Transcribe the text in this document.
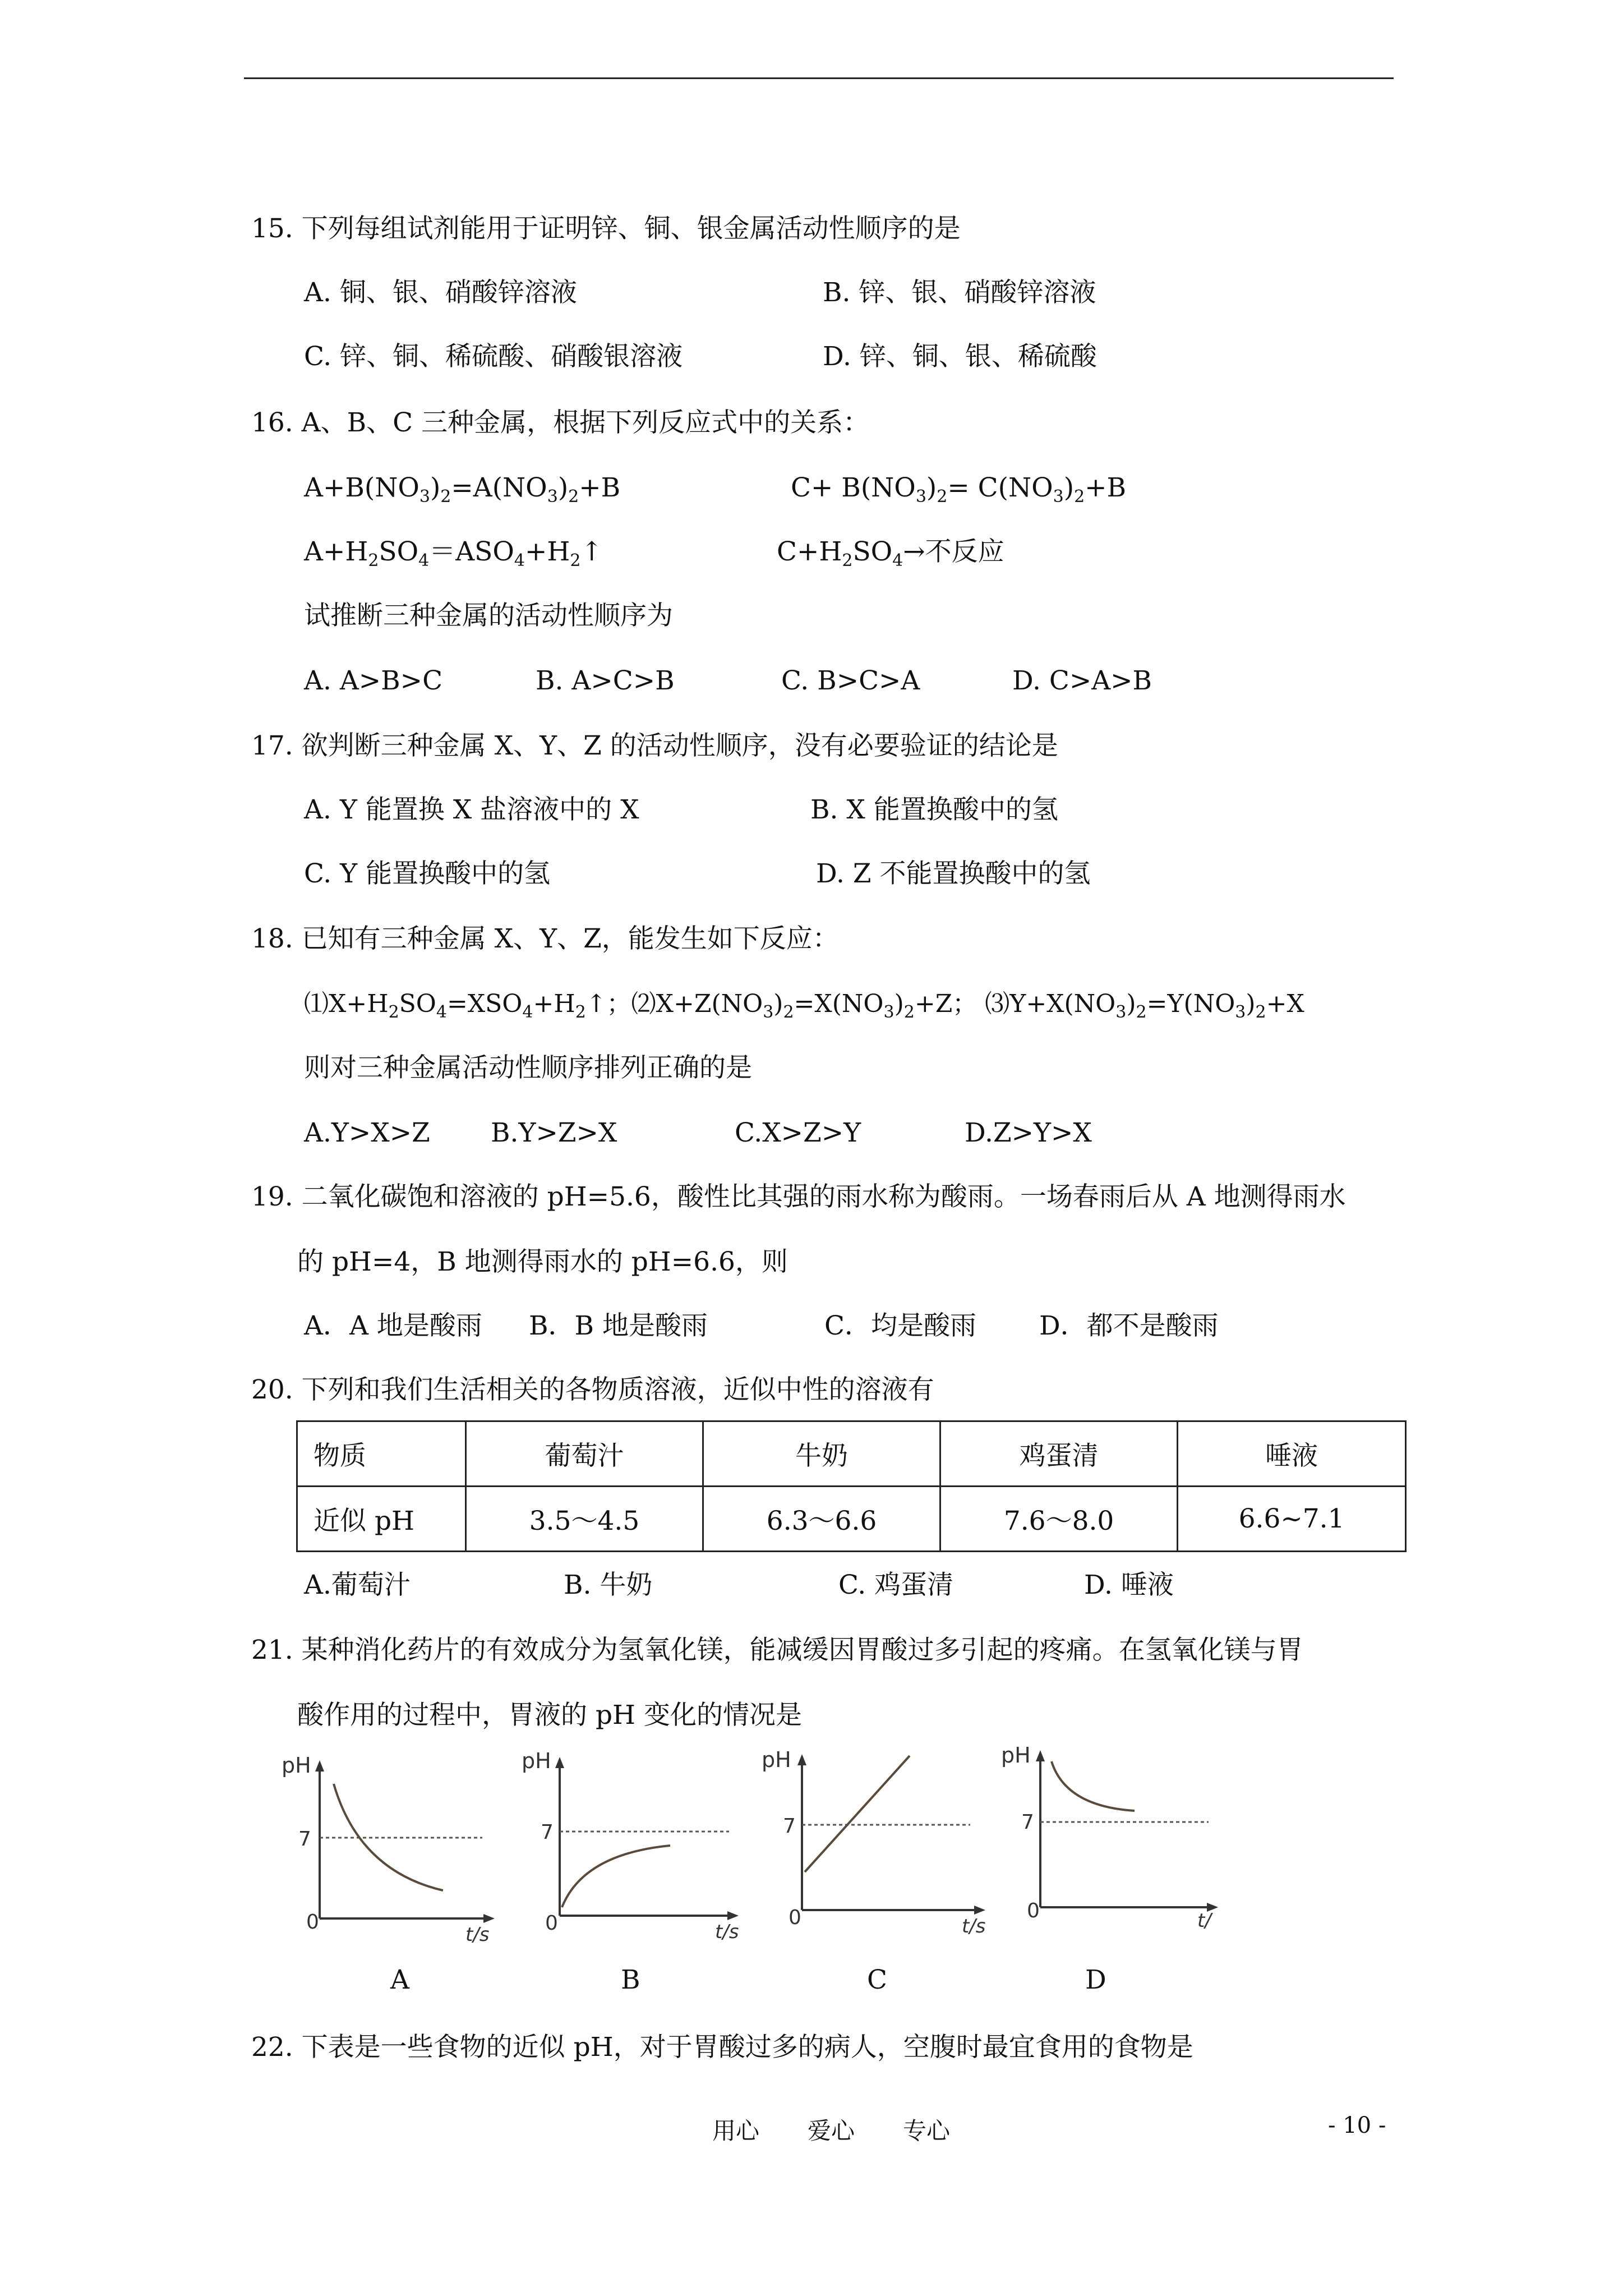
15. 下列每组试剂能用于证明锌、铜、银金属活动性顺序的是
A. 铜、银、硝酸锌溶液	B. 锌、银、硝酸锌溶液
C. 锌、铜、稀硫酸、硝酸银溶液	D. 锌、铜、银、稀硫酸
16. A、B、C 三种金属，根据下列反应式中的关系：
$A+B(NO_3)_2=A(NO_3)_2+B$	$C+ B(NO_3)_2= C(NO_3)_2+B$
$A+H_2SO_4=ASO_4+H_2↑$	$C+H_2SO_4\to$不反应
试推断三种金属的活动性顺序为
A. A>B>C	B. A>C>B	C. B>C>A	D. C>A>B
17. 欲判断三种金属 X、Y、Z 的活动性顺序，没有必要验证的结论是
A. Y 能置换 X 盐溶液中的 X	B. X 能置换酸中的氢
C. Y 能置换酸中的氢	D. Z 不能置换酸中的氢
18. 已知有三种金属 X、Y、Z，能发生如下反应：
$⑴X+H_2SO_4=XSO_4+H_2↑$；$⑵X+Z(NO_3)_2=X(NO_3)_2+Z$； $⑶Y+X(NO_3)_2=Y(NO_3)_2+X$
则对三种金属活动性顺序排列正确的是
A.Y>X>Z B.Y>Z>X	C.X>Z>Y	D.Z>Y>X
19. 二氧化碳饱和溶液的 pH=5.6，酸性比其强的雨水称为酸雨。一场春雨后从 A 地测得雨水
的 pH=4，B 地测得雨水的 pH=6.6，则
A．A 地是酸雨 B．B 地是酸雨	C．均是酸雨 D．都不是酸雨
20. 下列和我们生活相关的各物质溶液，近似中性的溶液有
物质	葡萄汁	牛奶	鸡蛋清	唾液
近似 pH	3.5～4.5	6.3～6.6	7.6～8.0	6.6~7.1
A.葡萄汁	B. 牛奶	C. 鸡蛋清	D. 唾液
21. 某种消化药片的有效成分为氢氧化镁，能减缓因胃酸过多引起的疼痛。在氢氧化镁与胃
酸作用的过程中，胃液的 pH 变化的情况是
pH
7
0
t/s
A
pH
7
0	t/s
B
pH
7
0	t/s
C
pH
7
0	t/
D
22. 下表是一些食物的近似 pH，对于胃酸过多的病人，空腹时最宜食用的食物是
用心 爱心 专心	- 10 -
